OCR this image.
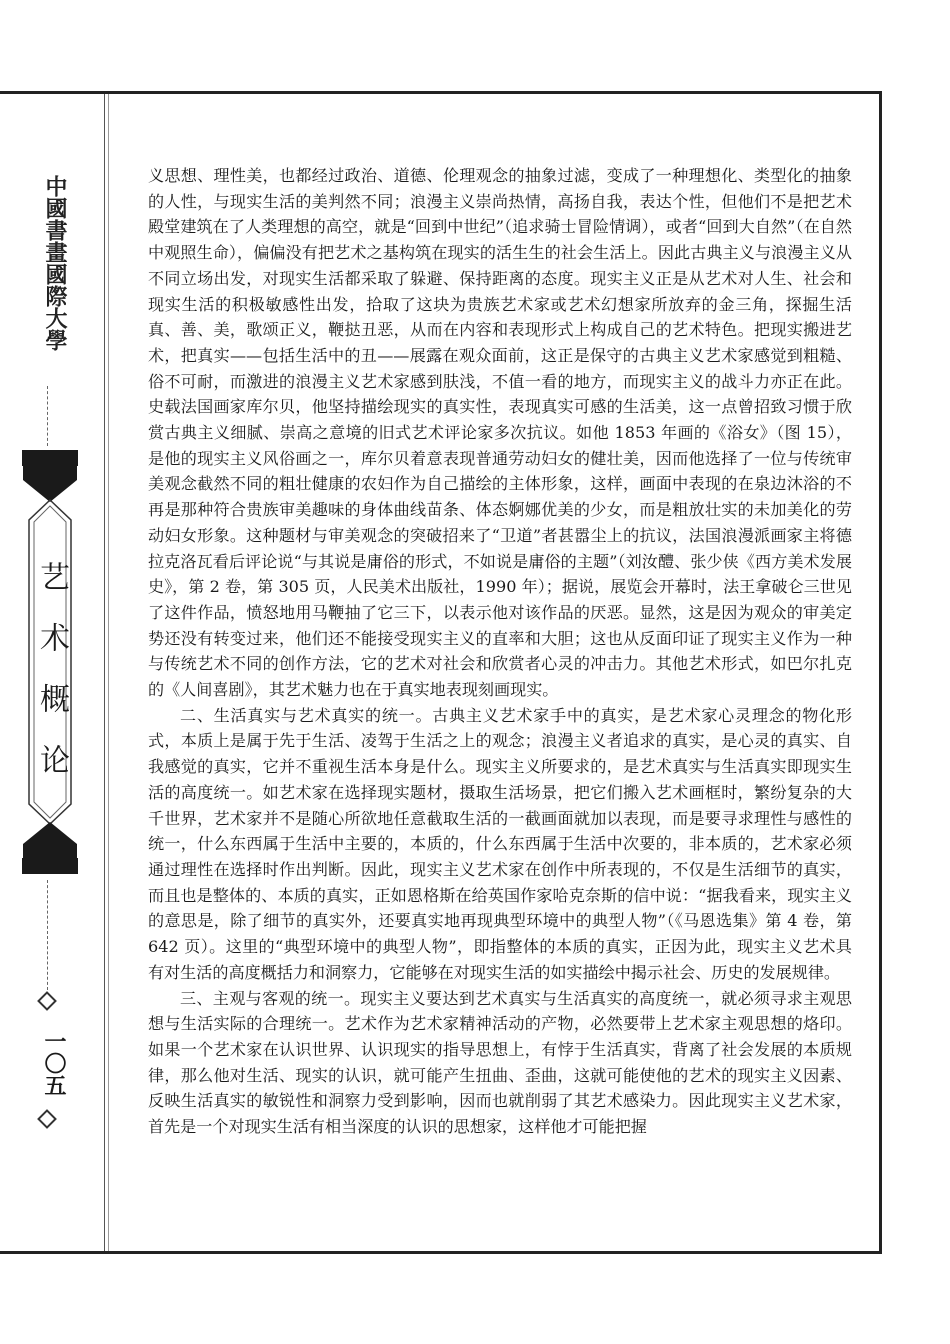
中國書畫國際大學
艺术概论
一〇五

义思想、理性美，也都经过政治、道德、伦理观念的抽象过滤，变成了一种理想化、类型化的抽象的人性，与现实生活的美判然不同；浪漫主义崇尚热情，高扬自我，表达个性，但他们不是把艺术殿堂建筑在了人类理想的高空，就是“回到中世纪”（追求骑士冒险情调），或者“回到大自然”（在自然中观照生命），偏偏没有把艺术之基构筑在现实的活生生的社会生活上。因此古典主义与浪漫主义从不同立场出发，对现实生活都采取了躲避、保持距离的态度。现实主义正是从艺术对人生、社会和现实生活的积极敏感性出发，拾取了这块为贵族艺术家或艺术幻想家所放弃的金三角，探掘生活真、善、美，歌颂正义，鞭挞丑恶，从而在内容和表现形式上构成自己的艺术特色。把现实搬进艺术，把真实——包括生活中的丑——展露在观众面前，这正是保守的古典主义艺术家感觉到粗糙、俗不可耐，而激进的浪漫主义艺术家感到肤浅，不值一看的地方，而现实主义的战斗力亦正在此。史载法国画家库尔贝，他坚持描绘现实的真实性，表现真实可感的生活美，这一点曾招致习惯于欣赏古典主义细腻、崇高之意境的旧式艺术评论家多次抗议。如他 1853 年画的《浴女》（图 15），是他的现实主义风俗画之一，库尔贝着意表现普通劳动妇女的健壮美，因而他选择了一位与传统审美观念截然不同的粗壮健康的农妇作为自己描绘的主体形象，这样，画面中表现的在泉边沐浴的不再是那种符合贵族审美趣味的身体曲线苗条、体态婀娜优美的少女，而是粗放壮实的未加美化的劳动妇女形象。这种题材与审美观念的突破招来了“卫道”者甚嚣尘上的抗议，法国浪漫派画家主将德拉克洛瓦看后评论说“与其说是庸俗的形式，不如说是庸俗的主题”（刘汝醴、张少侠《西方美术发展史》，第 2 卷，第 305 页，人民美术出版社，1990 年）；据说，展览会开幕时，法王拿破仑三世见了这件作品，愤怒地用马鞭抽了它三下，以表示他对该作品的厌恶。显然，这是因为观众的审美定势还没有转变过来，他们还不能接受现实主义的直率和大胆；这也从反面印证了现实主义作为一种与传统艺术不同的创作方法，它的艺术对社会和欣赏者心灵的冲击力。其他艺术形式，如巴尔扎克的《人间喜剧》，其艺术魅力也在于真实地表现刻画现实。

二、生活真实与艺术真实的统一。古典主义艺术家手中的真实，是艺术家心灵理念的物化形式，本质上是属于先于生活、凌驾于生活之上的观念；浪漫主义者追求的真实，是心灵的真实、自我感觉的真实，它并不重视生活本身是什么。现实主义所要求的，是艺术真实与生活真实即现实生活的高度统一。如艺术家在选择现实题材，摄取生活场景，把它们搬入艺术画框时，繁纷复杂的大千世界，艺术家并不是随心所欲地任意截取生活的一截画面就加以表现，而是要寻求理性与感性的统一，什么东西属于生活中主要的，本质的，什么东西属于生活中次要的，非本质的，艺术家必须通过理性在选择时作出判断。因此，现实主义艺术家在创作中所表现的，不仅是生活细节的真实，而且也是整体的、本质的真实，正如恩格斯在给英国作家哈克奈斯的信中说：“据我看来，现实主义的意思是，除了细节的真实外，还要真实地再现典型环境中的典型人物”（《马恩选集》第 4 卷，第 642 页）。这里的“典型环境中的典型人物”，即指整体的本质的真实，正因为此，现实主义艺术具有对生活的高度概括力和洞察力，它能够在对现实生活的如实描绘中揭示社会、历史的发展规律。

三、主观与客观的统一。现实主义要达到艺术真实与生活真实的高度统一，就必须寻求主观思想与生活实际的合理统一。艺术作为艺术家精神活动的产物，必然要带上艺术家主观思想的烙印。如果一个艺术家在认识世界、认识现实的指导思想上，有悖于生活真实，背离了社会发展的本质规律，那么他对生活、现实的认识，就可能产生扭曲、歪曲，这就可能使他的艺术的现实主义因素、反映生活真实的敏锐性和洞察力受到影响，因而也就削弱了其艺术感染力。因此现实主义艺术家，首先是一个对现实生活有相当深度的认识的思想家，这样他才可能把握
